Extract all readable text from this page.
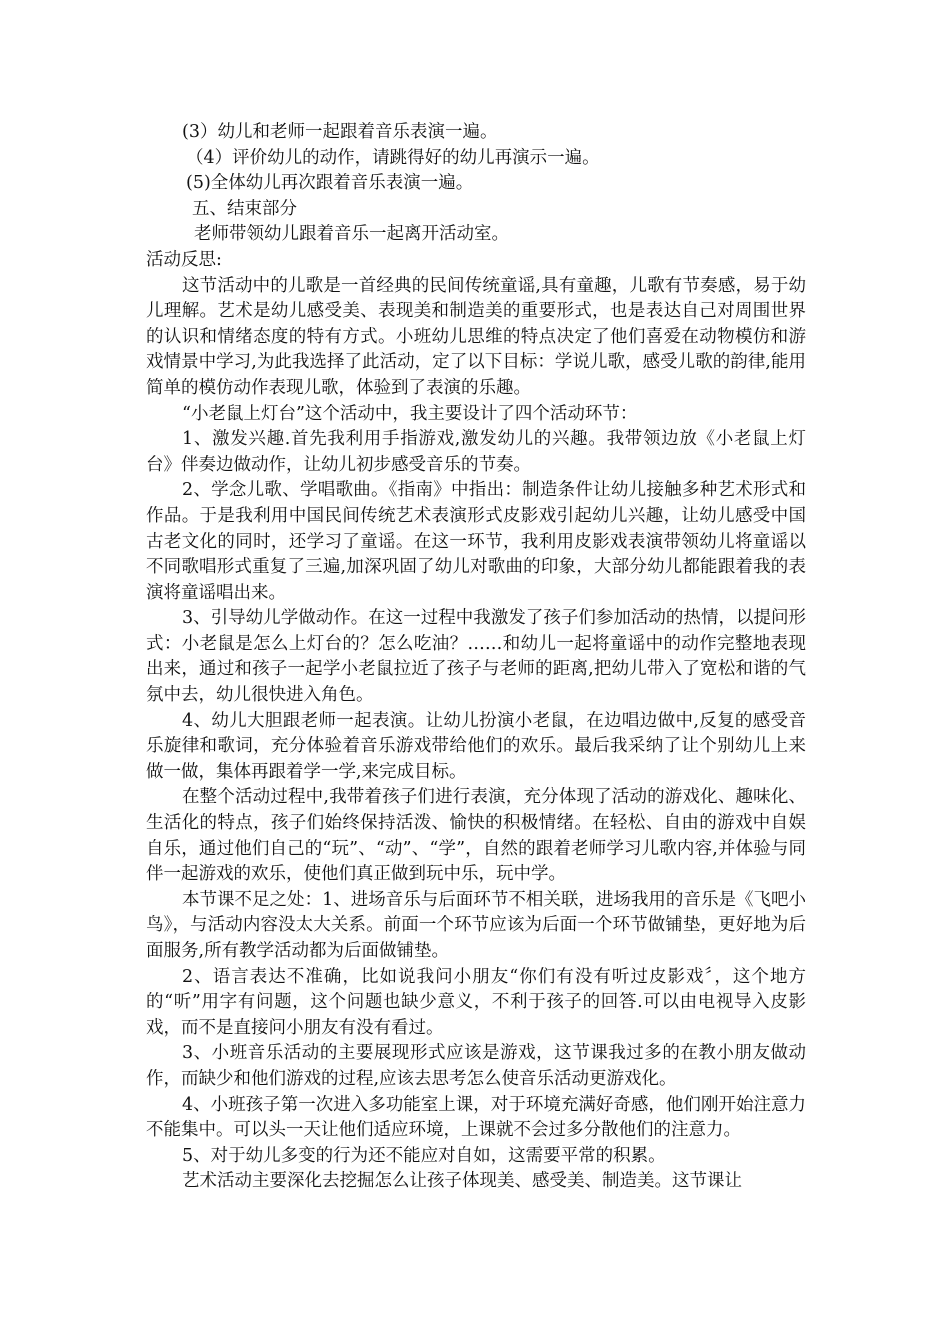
(3）幼儿和老师一起跟着音乐表演一遍。
（4）评价幼儿的动作，请跳得好的幼儿再演示一遍。
(5)全体幼儿再次跟着音乐表演一遍。
五、结束部分
老师带领幼儿跟着音乐一起离开活动室。
活动反思:
这节活动中的儿歌是一首经典的民间传统童谣,具有童趣，儿歌有节奏感，易于幼儿理解。艺术是幼儿感受美、表现美和制造美的重要形式，也是表达自己对周围世界的认识和情绪态度的特有方式。小班幼儿思维的特点决定了他们喜爱在动物模仿和游戏情景中学习,为此我选择了此活动，定了以下目标：学说儿歌，感受儿歌的韵律,能用简单的模仿动作表现儿歌，体验到了表演的乐趣。
“小老鼠上灯台”这个活动中，我主要设计了四个活动环节：
1、激发兴趣.首先我利用手指游戏,激发幼儿的兴趣。我带领边放《小老鼠上灯台》伴奏边做动作，让幼儿初步感受音乐的节奏。
2、学念儿歌、学唱歌曲。《指南》中指出：制造条件让幼儿接触多种艺术形式和作品。于是我利用中国民间传统艺术表演形式皮影戏引起幼儿兴趣，让幼儿感受中国古老文化的同时，还学习了童谣。在这一环节，我利用皮影戏表演带领幼儿将童谣以不同歌唱形式重复了三遍,加深巩固了幼儿对歌曲的印象，大部分幼儿都能跟着我的表演将童谣唱出来。
3、引导幼儿学做动作。在这一过程中我激发了孩子们参加活动的热情，以提问形式：小老鼠是怎么上灯台的？怎么吃油？……和幼儿一起将童谣中的动作完整地表现出来，通过和孩子一起学小老鼠拉近了孩子与老师的距离,把幼儿带入了宽松和谐的气氛中去，幼儿很快进入角色。
4、幼儿大胆跟老师一起表演。让幼儿扮演小老鼠，在边唱边做中,反复的感受音乐旋律和歌词，充分体验着音乐游戏带给他们的欢乐。最后我采纳了让个别幼儿上来做一做，集体再跟着学一学,来完成目标。
在整个活动过程中,我带着孩子们进行表演，充分体现了活动的游戏化、趣味化、生活化的特点，孩子们始终保持活泼、愉快的积极情绪。在轻松、自由的游戏中自娱自乐，通过他们自己的“玩”、“动”、“学”，自然的跟着老师学习儿歌内容,并体验与同伴一起游戏的欢乐，使他们真正做到玩中乐，玩中学。
本节课不足之处：1、进场音乐与后面环节不相关联，进场我用的音乐是《飞吧小鸟》，与活动内容没太大关系。前面一个环节应该为后面一个环节做铺垫，更好地为后面服务,所有教学活动都为后面做铺垫。
2、语言表达不准确，比如说我问小朋友“你们有没有听过皮影戏〞，这个地方的“听”用字有问题，这个问题也缺少意义，不利于孩子的回答.可以由电视导入皮影戏，而不是直接问小朋友有没有看过。
3、小班音乐活动的主要展现形式应该是游戏，这节课我过多的在教小朋友做动作，而缺少和他们游戏的过程,应该去思考怎么使音乐活动更游戏化。
4、小班孩子第一次进入多功能室上课，对于环境充满好奇感，他们刚开始注意力不能集中。可以头一天让他们适应环境，上课就不会过多分散他们的注意力。
5、对于幼儿多变的行为还不能应对自如，这需要平常的积累。
艺术活动主要深化去挖掘怎么让孩子体现美、感受美、制造美。这节课让
